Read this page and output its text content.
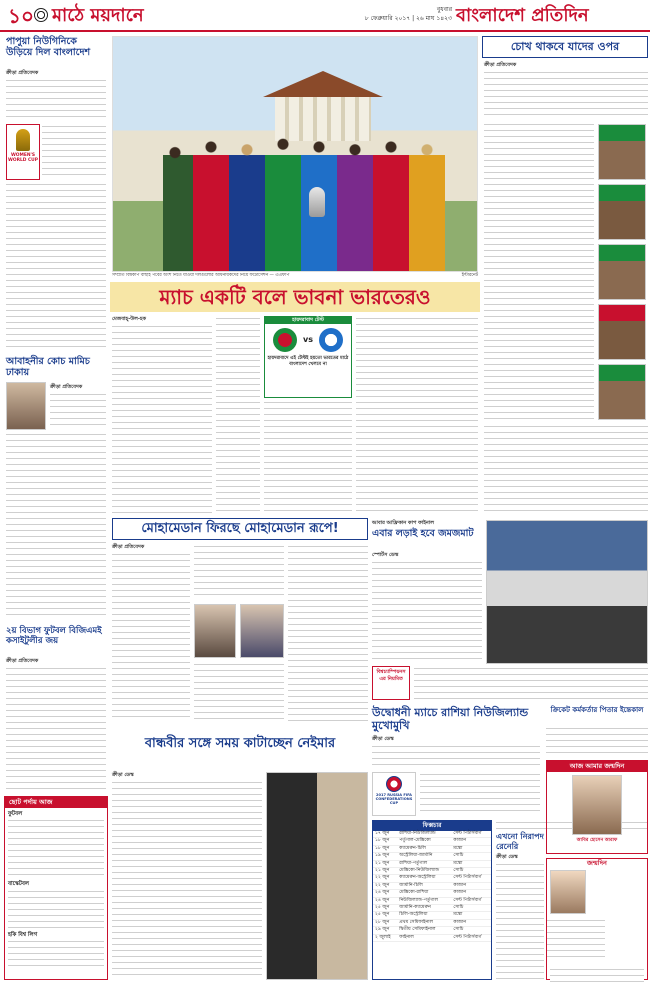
১০ মাঠে ময়দানে	বুধবার
৮ ফেব্রুয়ারি ২০১৭ | ২৬ মাঘ ১৪২৩ বাংলাদেশ প্রতিদিন
পাপুয়া নিউগিনিকে উড়িয়ে দিল বাংলাদেশ
ক্রীড়া প্রতিবেদক
WOMEN'S WORLD CUP
আবাহনীর কোচ মামিচ ঢাকায়
ক্রীড়া প্রতিবেদক
২য় বিভাগ ফুটবল বিজিএমই কসাইটুলীর জয়
ক্রীড়া প্রতিবেদক
ছোট পর্দায় আজ
ফুটবল
বাস্কেটবল
হকি বিশ্ব লিগ
সম্প্রতি বিশ্বকাপ বাছাই পর্বের অংশ নিতে যাওয়া দলগুলোর অধিনায়কদের নিয়ে ফটোসেশন — এএফপি	ইন্টারনেট
ম্যাচ একটি বলে ভাবনা ভারতেরও
মেজবাহ্-উল-হক	হায়দরাবাদ টেস্ট
vs
হায়দরাবাদে এই টেস্টই হয়তো ভারতের মাঠে বাংলাদেশ খেলবে না
মোহামেডান ফিরছে মোহামেডান রূপে!
ক্রীড়া প্রতিবেদক
বান্ধবীর সঙ্গে সময় কাটাচ্ছেন নেইমার
ক্রীড়া ডেস্ক
চোখ থাকবে যাদের ওপর
ক্রীড়া প্রতিবেদক
আবার আফ্রিকান কাপ ফাইনাল
এবার লড়াই হবে জমজমাট
স্পোর্টস ডেস্ক
বিশ্বচ্যাম্পিয়নস এর নিয়মিত
উদ্বোধনী ম্যাচে রাশিয়া নিউজিল্যান্ড মুখোমুখি
ক্রীড়া ডেস্ক
2017 RUSSIA FIFA CONFEDERATIONS CUP
ফিক্সচার
১৭ জুন	রাশিয়া-নিউজিল্যান্ড	সেন্ট পিটার্সবার্গ
১৮ জুন	পর্তুগাল-মেক্সিকো	কাজান
১৮ জুন	ক্যামেরুন-চিলি	মস্কো
১৯ জুন	অস্ট্রেলিয়া-জার্মানি	সোচি
২১ জুন	রাশিয়া-পর্তুগাল	মস্কো
২১ জুন	মেক্সিকো-নিউজিল্যান্ড	সোচি
২২ জুন	ক্যামেরুন-অস্ট্রেলিয়া	সেন্ট পিটার্সবার্গ
২২ জুন	জার্মানি-চিলি	কাজান
২৪ জুন	মেক্সিকো-রাশিয়া	কাজান
২৪ জুন	নিউজিল্যান্ড-পর্তুগাল	সেন্ট পিটার্সবার্গ
২৫ জুন	জার্মানি-ক্যামেরুন	সোচি
২৫ জুন	চিলি-অস্ট্রেলিয়া	মস্কো
২৮ জুন	প্রথম সেমিফাইনাল	কাজান
২৯ জুন	দ্বিতীয় সেমিফাইনাল	সোচি
২ জুলাই	ফাইনাল	সেন্ট পিটার্সবার্গ
ক্রিকেট কর্মকর্তার পিতার ইন্তেকাল
আজ আমার জন্মদিন
আবির হোসেন আরাফ
জন্মদিন

এখনো নিরাপদ রেনেরি
ক্রীড়া ডেস্ক
